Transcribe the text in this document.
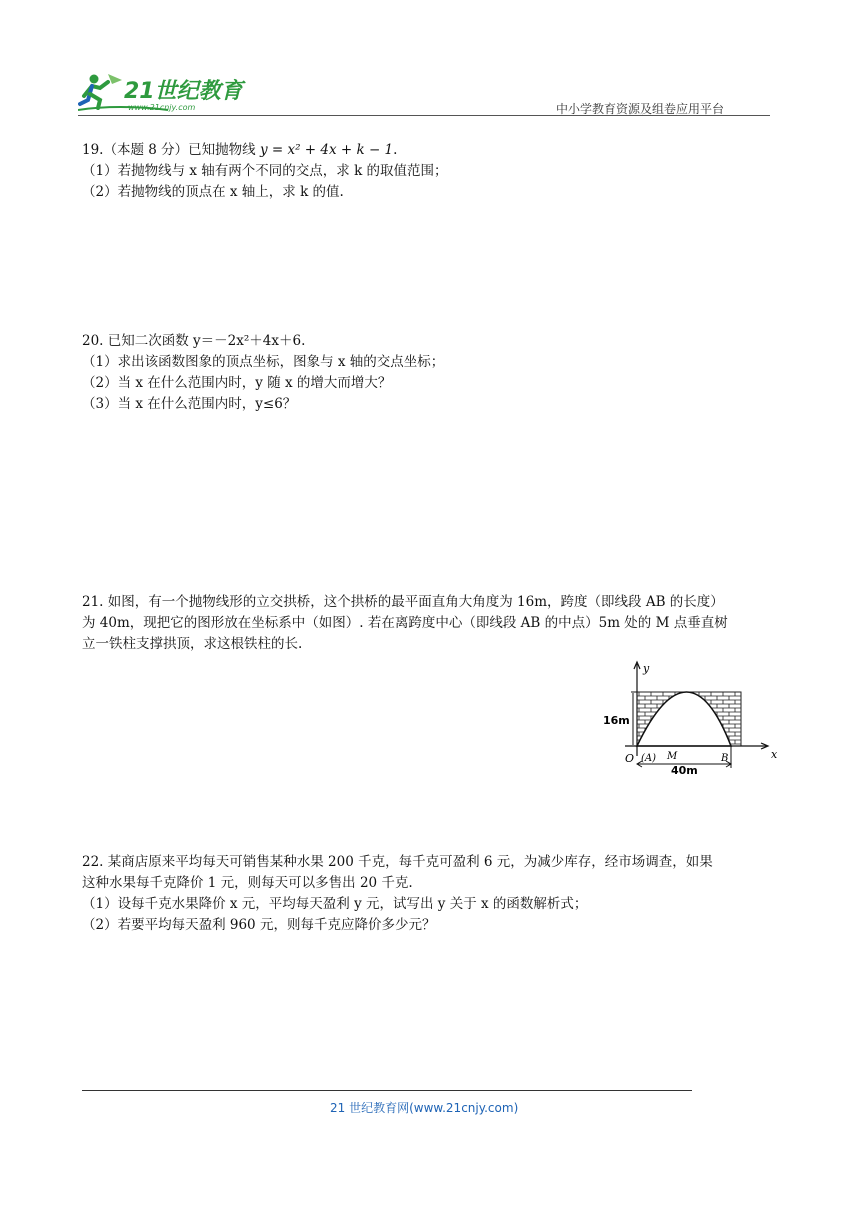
21世纪教育
www.21cnjy.com	中小学教育资源及组卷应用平台

19.（本题 8 分）已知抛物线 y = x² + 4x + k − 1.

（1）若抛物线与 x 轴有两个不同的交点，求 k 的取值范围；

（2）若抛物线的顶点在 x 轴上，求 k 的值.

20. 已知二次函数 y＝－2x²＋4x＋6.

（1）求出该函数图象的顶点坐标，图象与 x 轴的交点坐标；

（2）当 x 在什么范围内时，y 随 x 的增大而增大？

（3）当 x 在什么范围内时，y≤6？

21. 如图，有一个抛物线形的立交拱桥，这个拱桥的最平面直角大角度为 16m，跨度（即线段 AB 的长度）

为 40m，现把它的图形放在坐标系中（如图）. 若在离跨度中心（即线段 AB 的中点）5m 处的 M 点垂直树

立一铁柱支撑拱顶，求这根铁柱的长.

y
x
16m
O (A) M	B
40m

22. 某商店原来平均每天可销售某种水果 200 千克，每千克可盈利 6 元，为减少库存，经市场调查，如果

这种水果每千克降价 1 元，则每天可以多售出 20 千克.

（1）设每千克水果降价 x 元，平均每天盈利 y 元，试写出 y 关于 x 的函数解析式；

（2）若要平均每天盈利 960 元，则每千克应降价多少元？

21 世纪教育网(www.21cnjy.com)
